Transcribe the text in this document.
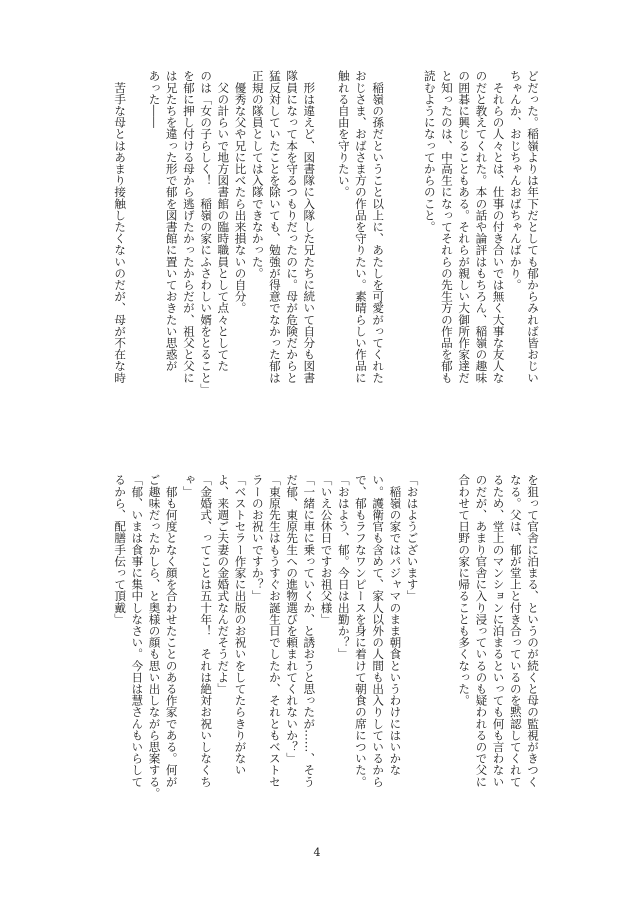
どだった。稲嶺よりは年下だとしても郁からみれば皆おじい

ちゃんか、おじちゃんおばちゃんばかり。

　それらの人々とは、仕事の付き合いでは無く大事な友人な

のだと教えてくれた。本の話や論評はもちろん、稲嶺の趣味

の囲碁に興じることもある。それらが親しい大御所作家達だ

と知ったのは、中高生になってそれらの先生方の作品を郁も

読むようになってからのこと。

　稲嶺の孫だということ以上に、あたしを可愛がってくれた

おじさま、おばさま方の作品を守りたい。素晴らしい作品に

触れる自由を守りたい。

　形は違えど、図書隊に入隊した兄たちに続いて自分も図書

隊員になって本を守るつもりだったのに。母が危険だからと

猛反対していたことを除いても、勉強が得意でなかった郁は

正規の隊員としては入隊できなかった。

　優秀な父や兄に比べたら出来損ないの自分。

　父の計らいで地方図書館の臨時職員として点々としてた

のは「女の子らしく！　稲嶺の家にふさわしい婿をとること」

を郁に押し付ける母から逃げたかったからだが、祖父と父に

は兄たちを違った形で郁を図書館に置いておきたい思惑が

あった――

　苦手な母とはあまり接触したくないのだが、母が不在な時

を狙って官舎に泊まる、というのが続くと母の監視がきつく

なる。父は、郁が堂上と付き合っているのを黙認してくれて

るため、堂上のマンションに泊まるといっても何も言わない

のだが、あまり官舎に入り浸っているのも疑われるので父に

合わせて日野の家に帰ることも多くなった。

「おはようございます」

　稲嶺の家ではパジャマのまま朝食というわけにはいかな

い。護衛官も含めて、家人以外の人間も出入りしているから

で、郁もラフなワンピースを身に着けて朝食の席についた。

「おはよう、郁。今日は出勤か？」

「いえ公休日ですお祖父様」

「一緒に車に乗っていくか、と誘おうと思ったが……、そう

だ郁、東原先生への進物選びを頼まれてくれないか？」

「東原先生はもうすぐお誕生日でしたか、それともベストセ

ラーのお祝いですか？」

「ベストセラー作家に出版のお祝いをしてたらきりがない

よ、来週ご夫妻の金婚式なんだそうだよ」

「金婚式、ってことは五十年！　それは絶対お祝いしなくち

ゃ」

　郁も何度となく顔を合わせたことのある作家である。何が

ご趣味だったかしら、と奥様の顔も思い出しながら思案する。

「郁、いまは食事に集中しなさい。今日は慧さんもいらして

るから、配膳手伝って頂戴」

4
